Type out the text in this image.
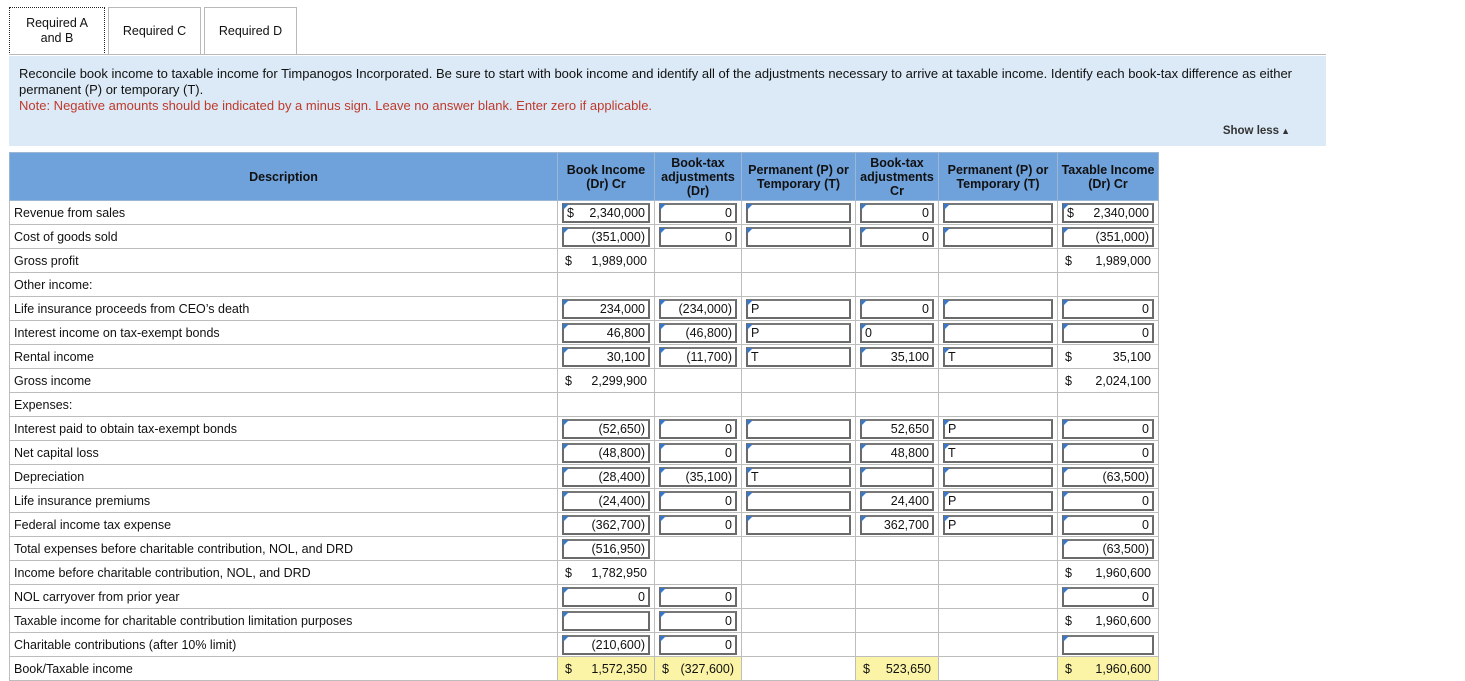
Required A and B	Required C	Required D
Reconcile book income to taxable income for Timpanogos Incorporated. Be sure to start with book income and identify all of the adjustments necessary to arrive at taxable income. Identify each book-tax difference as either permanent (P) or temporary (T).
Note: Negative amounts should be indicated by a minus sign. Leave no answer blank. Enter zero if applicable.
Show less ▲
Description	Book Income (Dr) Cr	Book-tax adjustments (Dr)	Permanent (P) or Temporary (T)	Book-tax adjustments Cr	Permanent (P) or Temporary (T)	Taxable Income (Dr) Cr
Revenue from sales	$ 2,340,000	0		0		$ 2,340,000

Cost of goods sold	(351,000)	0		0		(351,000)

Gross profit	$ 1,989,000					$ 1,989,000

Other income:						
Life insurance proceeds from CEO’s death	234,000	(234,000)	P	0		0

Interest income on tax-exempt bonds	46,800	(46,800)	P	0		0

Rental income	30,100	(11,700)	T	35,100	T	$ 35,100

Gross income	$ 2,299,900					$ 2,024,100

Expenses:						
Interest paid to obtain tax-exempt bonds	(52,650)	0		52,650	P	0

Net capital loss	(48,800)	0		48,800	T	0

Depreciation	(28,400)	(35,100)	T			(63,500)

Life insurance premiums	(24,400)	0		24,400	P	0

Federal income tax expense	(362,700)	0		362,700	P	0

Total expenses before charitable contribution, NOL, and DRD	(516,950)					(63,500)

Income before charitable contribution, NOL, and DRD	$ 1,782,950					$ 1,960,600

NOL carryover from prior year	0	0				0

Taxable income for charitable contribution limitation purposes		0				$ 1,960,600

Charitable contributions (after 10% limit)	(210,600)	0				

Book/Taxable income	$ 1,572,350	$ (327,600)		$ 523,650		$ 1,960,600
